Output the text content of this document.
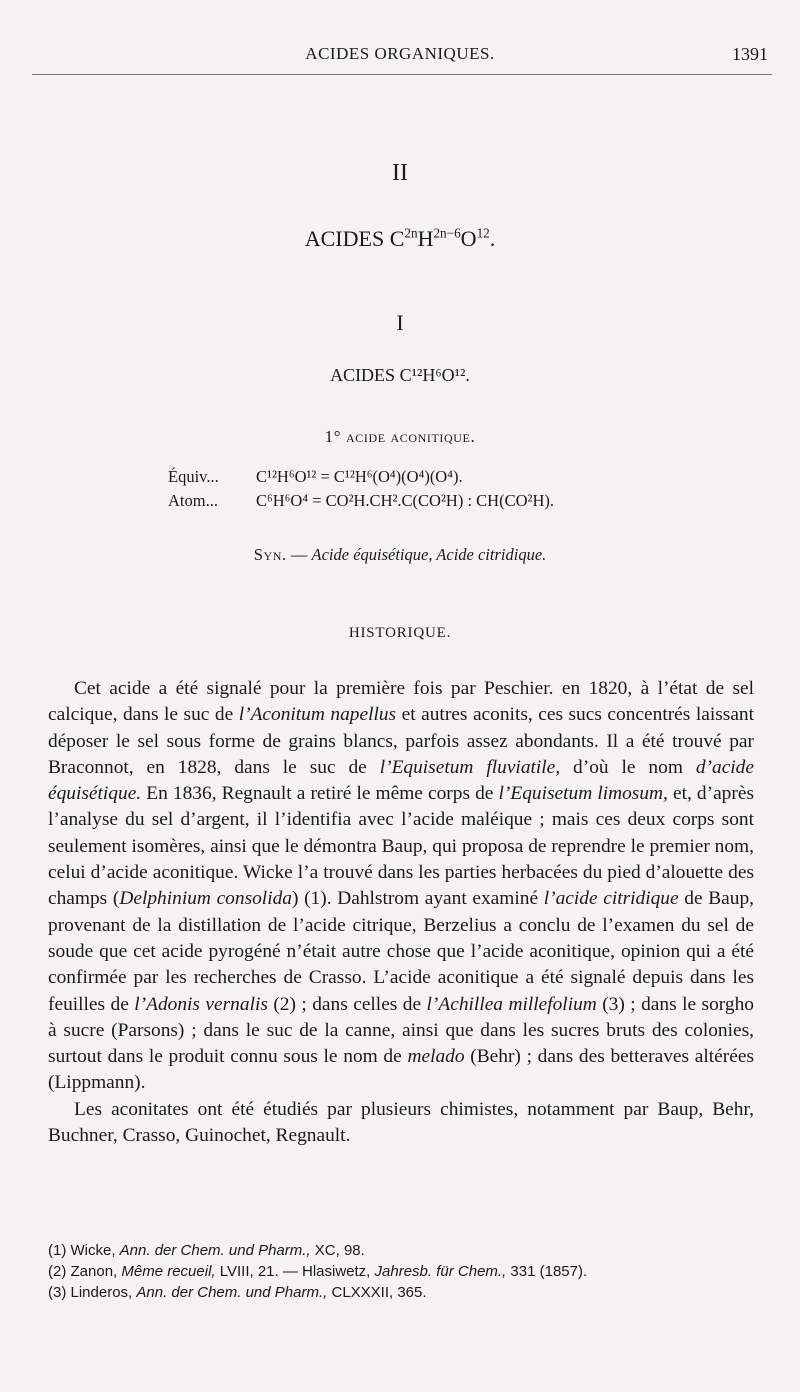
ACIDES ORGANIQUES.	1391
II
ACIDES $C^{2n}H^{2n-6}O^{12}$.
I
ACIDES C¹²H⁶O¹².
1° acide aconitique.
Équiv... C¹²H⁶O¹² = C¹²H⁶(O⁴)(O⁴)(O⁴).
Atom... C⁶H⁶O⁴ = CO²H.CH².C(CO²H) : CH(CO²H).
Syn. — Acide équisétique, Acide citridique.
HISTORIQUE.

Cet acide a été signalé pour la première fois par Peschier. en 1820, à l’état de sel calcique, dans le suc de l’Aconitum napellus et autres aconits, ces sucs concentrés laissant déposer le sel sous forme de grains blancs, parfois assez abondants. Il a été trouvé par Braconnot, en 1828, dans le suc de l’Equisetum fluviatile, d’où le nom d’acide équisétique. En 1836, Regnault a retiré le même corps de l’Equisetum limosum, et, d’après l’analyse du sel d’argent, il l’identifia avec l’acide maléique ; mais ces deux corps sont seulement isomères, ainsi que le démontra Baup, qui proposa de reprendre le premier nom, celui d’acide aconitique. Wicke l’a trouvé dans les parties herbacées du pied d’alouette des champs (Delphinium consolida) (1). Dahlstrom ayant examiné l’acide citridique de Baup, provenant de la distillation de l’acide citrique, Berzelius a conclu de l’examen du sel de soude que cet acide pyrogéné n’était autre chose que l’acide aconitique, opinion qui a été confirmée par les recherches de Crasso. L’acide aconitique a été signalé depuis dans les feuilles de l’Adonis vernalis (2) ; dans celles de l’Achillea millefolium (3) ; dans le sorgho à sucre (Parsons) ; dans le suc de la canne, ainsi que dans les sucres bruts des colonies, surtout dans le produit connu sous le nom de melado (Behr) ; dans des betteraves altérées (Lippmann).

Les aconitates ont été étudiés par plusieurs chimistes, notamment par Baup, Behr, Buchner, Crasso, Guinochet, Regnault.

(1) Wicke, Ann. der Chem. und Pharm., XC, 98.
(2) Zanon, Même recueil, LVIII, 21. — Hlasiwetz, Jahresb. für Chem., 331 (1857).
(3) Linderos, Ann. der Chem. und Pharm., CLXXXII, 365.
